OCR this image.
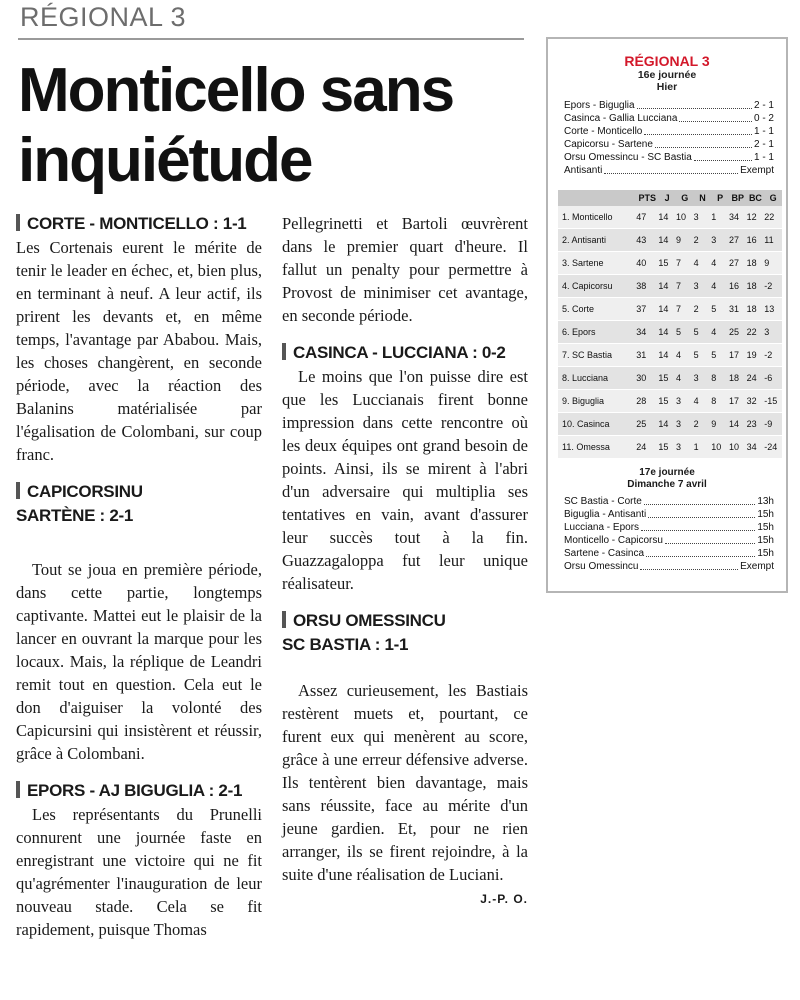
RÉGIONAL 3
Monticello sans inquiétude
CORTE - MONTICELLO : 1-1

Les Cortenais eurent le mérite de tenir le leader en échec, et, bien plus, en terminant à neuf. A leur actif, ils prirent les devants et, en même temps, l'avantage par Ababou. Mais, les choses changèrent, en seconde période, avec la réaction des Balanins matérialisée par l'égalisation de Colombani, sur coup franc.

CAPICORSINU
SARTÈNE : 2-1

Tout se joua en première période, dans cette partie, longtemps captivante. Mattei eut le plaisir de la lancer en ouvrant la marque pour les locaux. Mais, la réplique de Leandri remit tout en question. Cela eut le don d'aiguiser la volonté des Capicursini qui insistèrent et réussir, grâce à Colombani.

EPORS - AJ BIGUGLIA : 2-1

Les représentants du Prunelli connurent une journée faste en enregistrant une victoire qui ne fit qu'agrémenter l'inauguration de leur nouveau stade. Cela se fit rapidement, puisque Thomas

Pellegrinetti et Bartoli œuvrèrent dans le premier quart d'heure. Il fallut un penalty pour permettre à Provost de minimiser cet avantage, en seconde période.

CASINCA - LUCCIANA : 0-2

Le moins que l'on puisse dire est que les Luccianais firent bonne impression dans cette rencontre où les deux équipes ont grand besoin de points. Ainsi, ils se mirent à l'abri d'un adversaire qui multiplia ses tentatives en vain, avant d'assurer leur succès tout à la fin. Guazzagaloppa fut leur unique réalisateur.

ORSU OMESSINCU
SC BASTIA : 1-1

Assez curieusement, les Bastiais restèrent muets et, pourtant, ce furent eux qui menèrent au score, grâce à une erreur défensive adverse. Ils tentèrent bien davantage, mais sans réussite, face au mérite d'un jeune gardien. Et, pour ne rien arranger, ils se firent rejoindre, à la suite d'une réalisation de Luciani.

J.-P. O.
RÉGIONAL 3
16e journée
Hier
Epors - Biguglia	2 - 1
Casinca - Gallia Lucciana	0 - 2
Corte - Monticello	1 - 1
Capicorsu - Sartene	2 - 1
Orsu Omessincu - SC Bastia	1 - 1
Antisanti	Exempt
	PTS	J	G	N	P	BP	BC	G
1. Monticello	47	14	10	3	1	34	12	22
2. Antisanti	43	14	9	2	3	27	16	11
3. Sartene	40	15	7	4	4	27	18	9
4. Capicorsu	38	14	7	3	4	16	18	-2
5. Corte	37	14	7	2	5	31	18	13
6. Epors	34	14	5	5	4	25	22	3
7. SC Bastia	31	14	4	5	5	17	19	-2
8. Lucciana	30	15	4	3	8	18	24	-6
9. Biguglia	28	15	3	4	8	17	32	-15
10. Casinca	25	14	3	2	9	14	23	-9
11. Omessa	24	15	3	1	10	10	34	-24
17e journée
Dimanche 7 avril
SC Bastia - Corte	13h
Biguglia - Antisanti	15h
Lucciana - Epors	15h
Monticello - Capicorsu	15h
Sartene - Casinca	15h
Orsu Omessincu	Exempt
